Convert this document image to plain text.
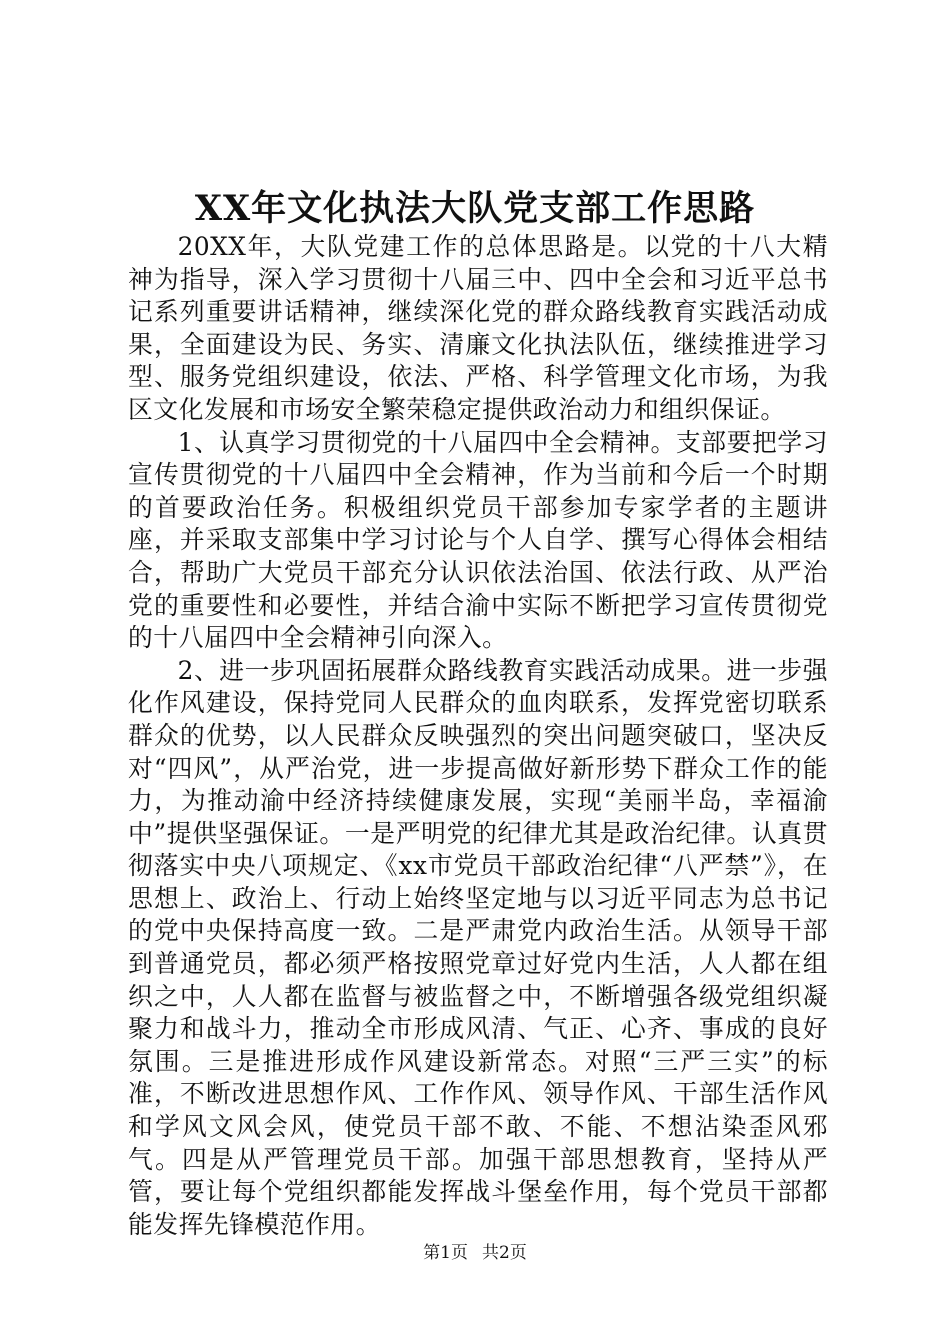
XX年文化执法大队党支部工作思路

20XX年，大队党建工作的总体思路是。以党的十八大精神为指导，深入学习贯彻十八届三中、四中全会和习近平总书记系列重要讲话精神，继续深化党的群众路线教育实践活动成果，全面建设为民、务实、清廉文化执法队伍，继续推进学习型、服务党组织建设，依法、严格、科学管理文化市场，为我区文化发展和市场安全繁荣稳定提供政治动力和组织保证。

1、认真学习贯彻党的十八届四中全会精神。支部要把学习宣传贯彻党的十八届四中全会精神，作为当前和今后一个时期的首要政治任务。积极组织党员干部参加专家学者的主题讲座，并采取支部集中学习讨论与个人自学、撰写心得体会相结合，帮助广大党员干部充分认识依法治国、依法行政、从严治党的重要性和必要性，并结合渝中实际不断把学习宣传贯彻党的十八届四中全会精神引向深入。

2、进一步巩固拓展群众路线教育实践活动成果。进一步强化作风建设，保持党同人民群众的血肉联系，发挥党密切联系群众的优势，以人民群众反映强烈的突出问题突破口，坚决反对“四风”，从严治党，进一步提高做好新形势下群众工作的能力，为推动渝中经济持续健康发展，实现“美丽半岛，幸福渝中”提供坚强保证。一是严明党的纪律尤其是政治纪律。认真贯彻落实中央八项规定、《xx市党员干部政治纪律“八严禁”》，在思想上、政治上、行动上始终坚定地与以习近平同志为总书记的党中央保持高度一致。二是严肃党内政治生活。从领导干部到普通党员，都必须严格按照党章过好党内生活，人人都在组织之中，人人都在监督与被监督之中，不断增强各级党组织凝聚力和战斗力，推动全市形成风清、气正、心齐、事成的良好氛围。三是推进形成作风建设新常态。对照“三严三实”的标准，不断改进思想作风、工作作风、领导作风、干部生活作风和学风文风会风，使党员干部不敢、不能、不想沾染歪风邪气。四是从严管理党员干部。加强干部思想教育，坚持从严管，要让每个党组织都能发挥战斗堡垒作用，每个党员干部都能发挥先锋模范作用。

第1页 共2页
